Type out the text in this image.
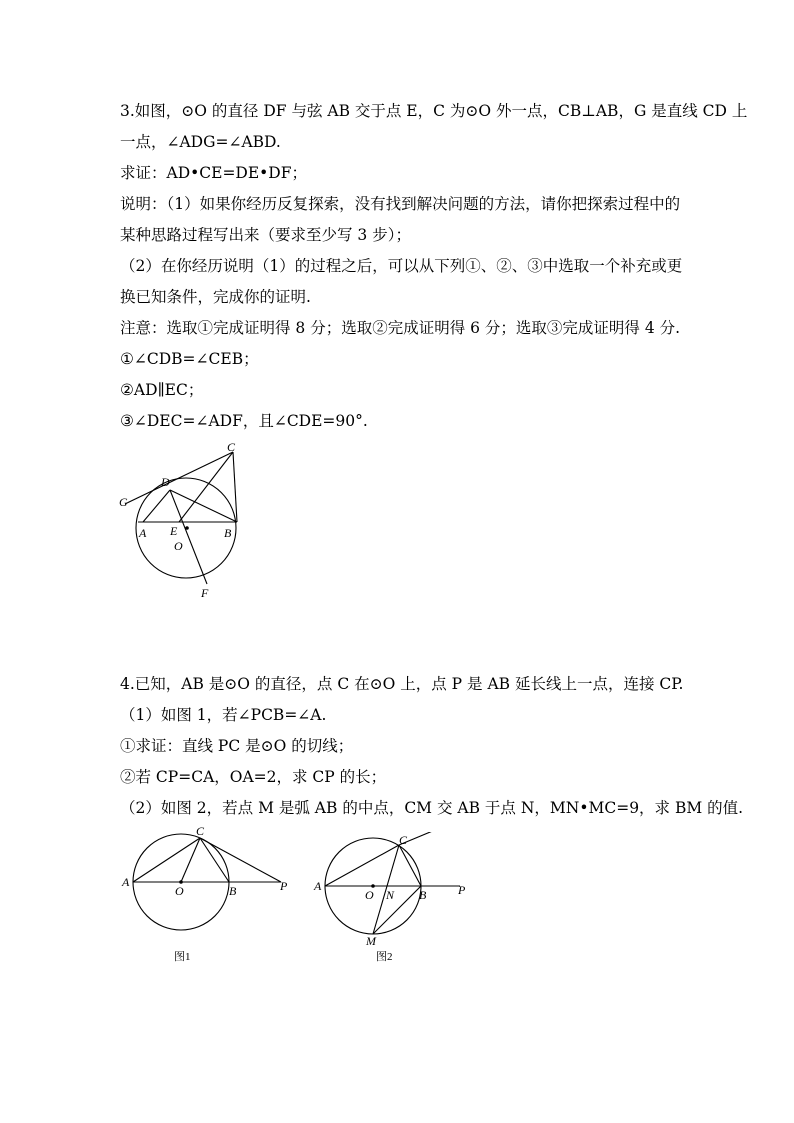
3.如图，⊙O 的直径 DF 与弦 AB 交于点 E，C 为⊙O 外一点，CB⊥AB，G 是直线 CD 上
一点，∠ADG=∠ABD.
求证：AD•CE=DE•DF；
说明：（1）如果你经历反复探索，没有找到解决问题的方法，请你把探索过程中的
某种思路过程写出来（要求至少写 3 步）；
（2）在你经历说明（1）的过程之后，可以从下列①、②、③中选取一个补充或更
换已知条件，完成你的证明.
注意：选取①完成证明得 8 分；选取②完成证明得 6 分；选取③完成证明得 4 分.
①∠CDB=∠CEB；
②AD∥EC；
③∠DEC=∠ADF，且∠CDE=90°.
C
D
G
A E	B
O
F
4.已知，AB 是⊙O 的直径，点 C 在⊙O 上，点 P 是 AB 延长线上一点，连接 CP.
（1）如图 1，若∠PCB=∠A.
①求证：直线 PC 是⊙O 的切线；
②若 CP=CA，OA=2，求 CP 的长；
（2）如图 2，若点 M 是弧 AB 的中点，CM 交 AB 于点 N，MN•MC=9，求 BM 的值.
A
O	B	P
C
图1
A
O N B	P
C
M
图2
